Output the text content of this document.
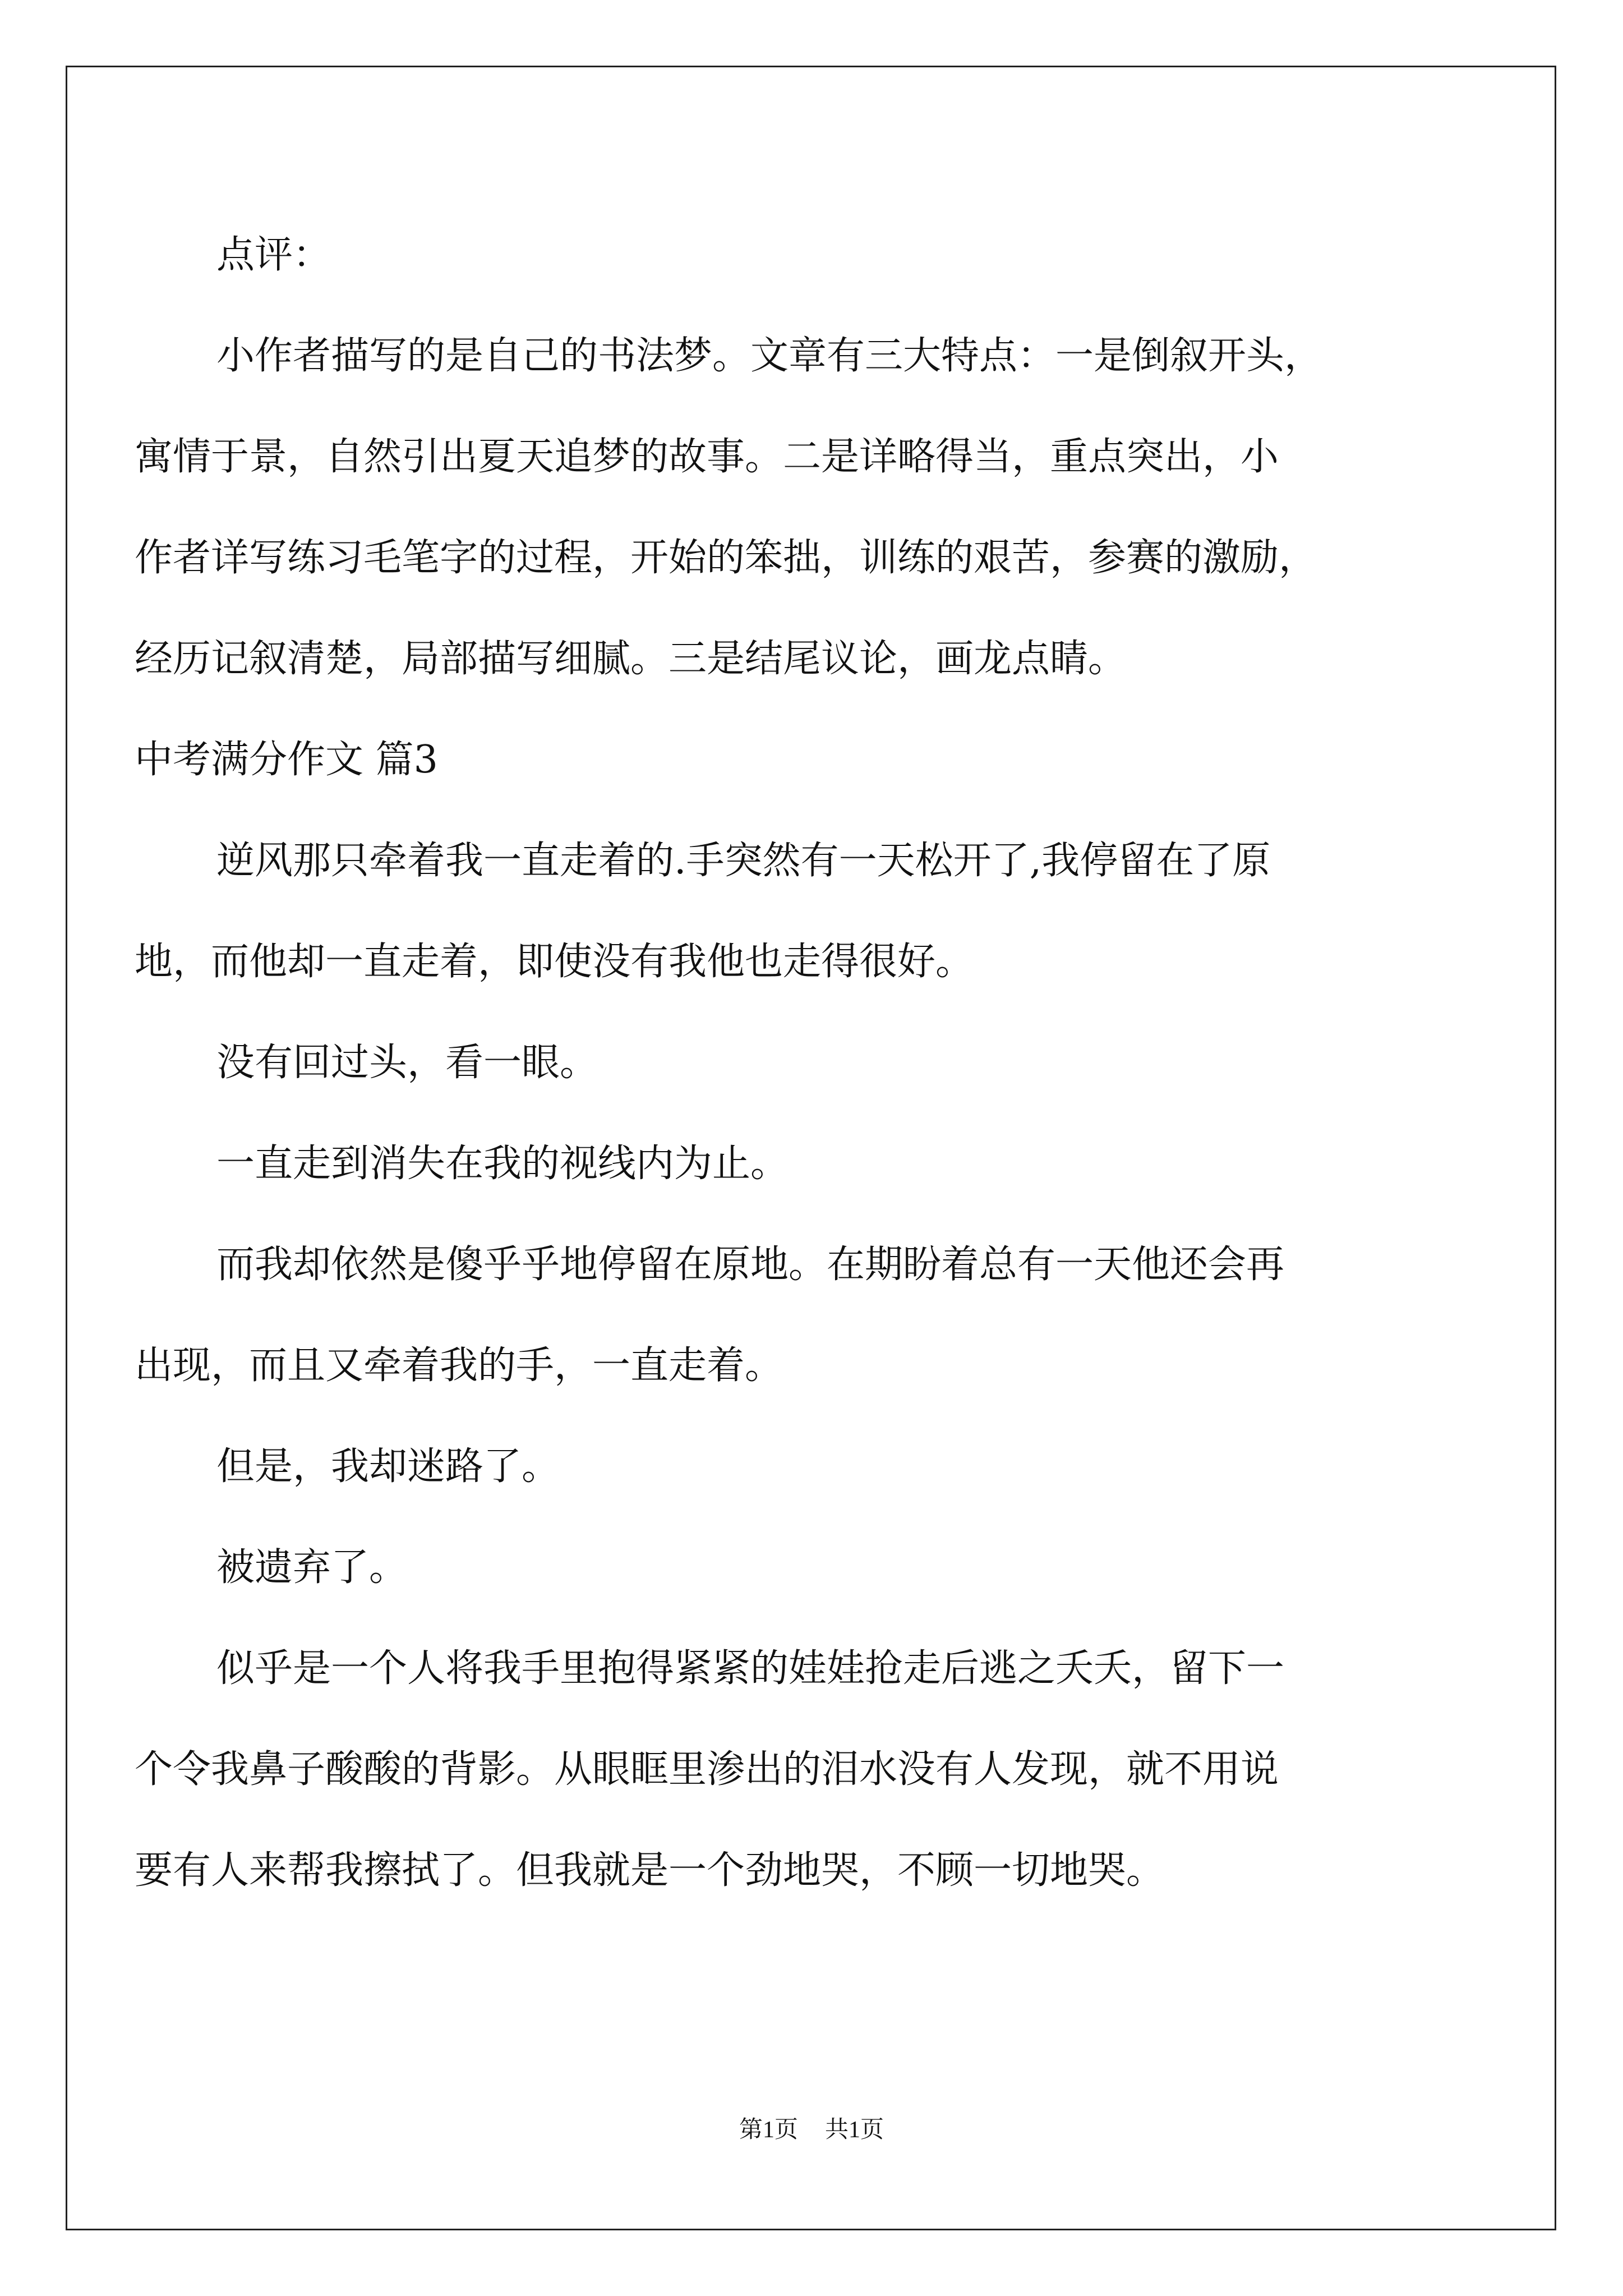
点评：
小作者描写的是自己的书法梦。文章有三大特点：一是倒叙开头，
寓情于景，自然引出夏天追梦的故事。二是详略得当，重点突出，小
作者详写练习毛笔字的过程，开始的笨拙，训练的艰苦，参赛的激励，
经历记叙清楚，局部描写细腻。三是结尾议论，画龙点睛。
中考满分作文 篇3
逆风那只牵着我一直走着的.手突然有一天松开了,我停留在了原
地，而他却一直走着，即使没有我他也走得很好。
没有回过头，看一眼。
一直走到消失在我的视线内为止。
而我却依然是傻乎乎地停留在原地。在期盼着总有一天他还会再
出现，而且又牵着我的手，一直走着。
但是，我却迷路了。
被遗弃了。
似乎是一个人将我手里抱得紧紧的娃娃抢走后逃之夭夭，留下一
个令我鼻子酸酸的背影。从眼眶里渗出的泪水没有人发现，就不用说
要有人来帮我擦拭了。但我就是一个劲地哭，不顾一切地哭。
第1页 共1页
